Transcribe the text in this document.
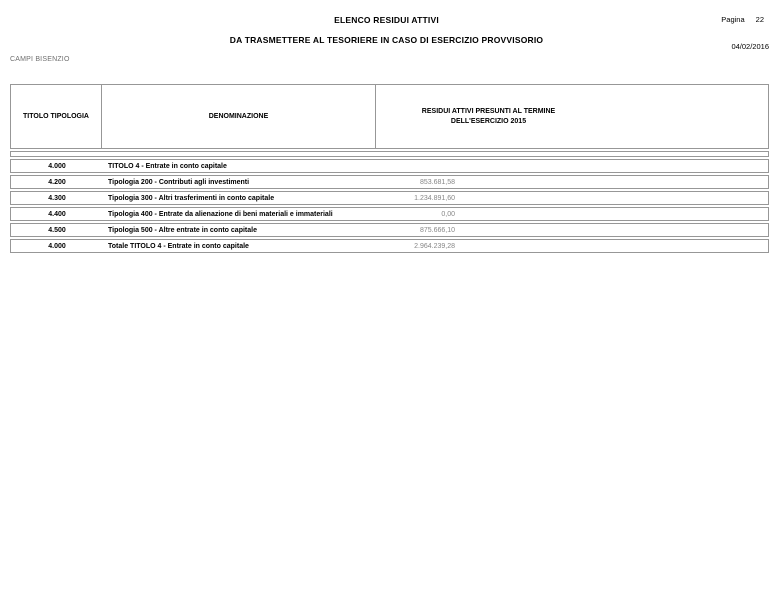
ELENCO RESIDUI ATTIVI
DA TRASMETTERE AL TESORIERE IN CASO DI ESERCIZIO PROVVISORIO
Pagina 22
04/02/2016
CAMPI BISENZIO
TITOLO TIPOLOGIA	DENOMINAZIONE
RESIDUI ATTIVI PRESUNTI AL TERMINE
DELL'ESERCIZIO 2015
4.000	TITOLO 4 - Entrate in conto capitale
4.200	Tipologia 200 - Contributi agli investimenti	853.681,58
4.300	Tipologia 300 - Altri trasferimenti in conto capitale	1.234.891,60
4.400	Tipologia 400 - Entrate da alienazione di beni materiali e immateriali	0,00
4.500	Tipologia 500 - Altre entrate in conto capitale	875.666,10
4.000	Totale TITOLO 4 - Entrate in conto capitale	2.964.239,28
